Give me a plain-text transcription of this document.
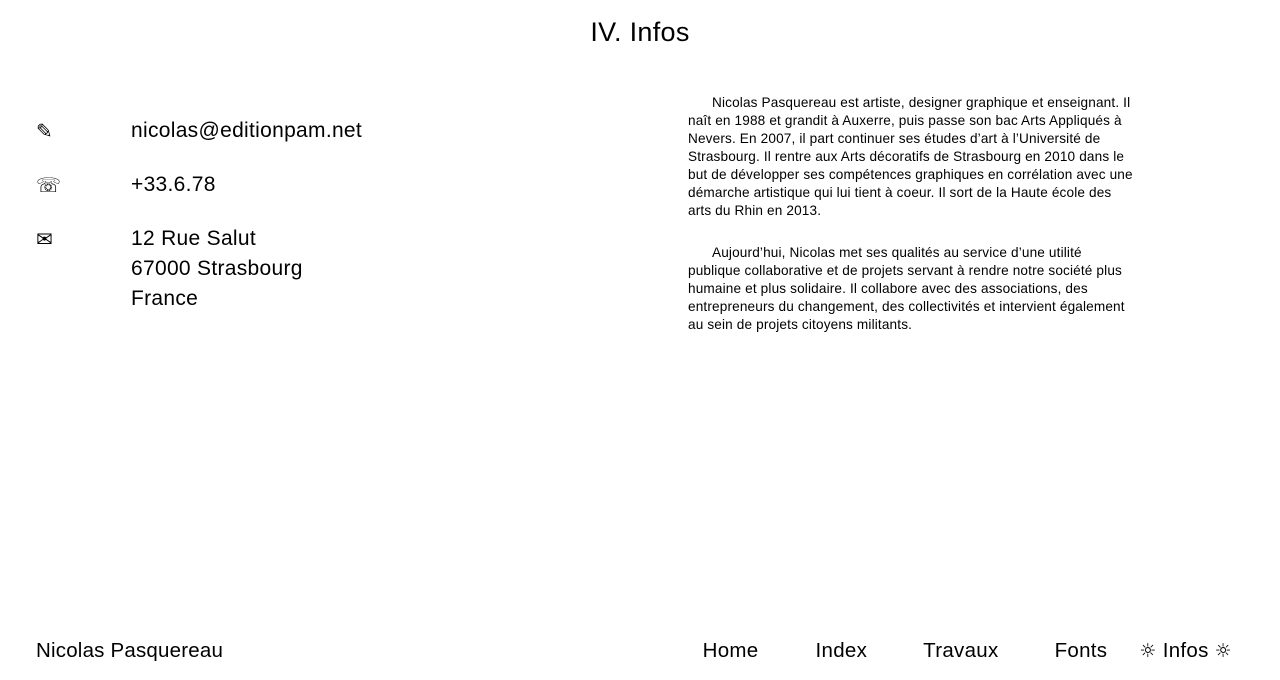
IV. Infos
✎	nicolas@editionpam.net
☏	+33.6.78
✉	12 Rue Salut
67000 Strasbourg
France

Nicolas Pasquereau est artiste, designer graphique et enseignant. Il naît en 1988 et grandit à Auxerre, puis passe son bac Arts Appliqués à Nevers. En 2007, il part continuer ses études d’art à l’Université de Strasbourg. Il rentre aux Arts décoratifs de Strasbourg en 2010 dans le but de développer ses compétences graphiques en corrélation avec une démarche artistique qui lui tient à coeur. Il sort de la Haute école des arts du Rhin en 2013.

Aujourd’hui, Nicolas met ses qualités au service d’une utilité publique collaborative et de projets servant à rendre notre société plus humaine et plus solidaire. Il collabore avec des associations, des entrepreneurs du changement, des collectivités et intervient également au sein de projets citoyens militants.

Nicolas Pasquereau	Home	Index	Travaux	Fonts ☼ Infos ☼
